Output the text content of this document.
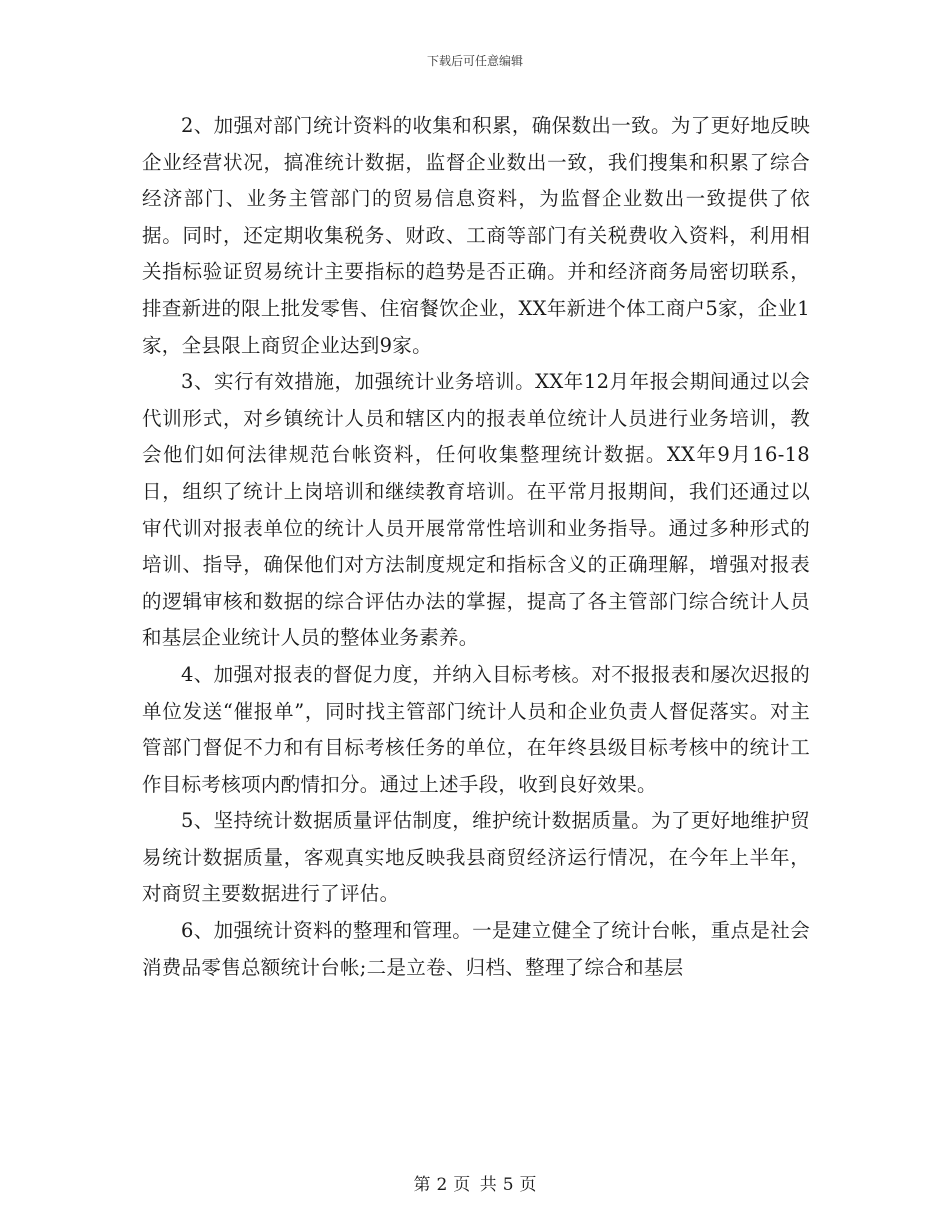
下载后可任意编辑

2、加强对部门统计资料的收集和积累，确保数出一致。为了更好地反映企业经营状况，搞准统计数据，监督企业数出一致，我们搜集和积累了综合经济部门、业务主管部门的贸易信息资料，为监督企业数出一致提供了依据。同时，还定期收集税务、财政、工商等部门有关税费收入资料，利用相关指标验证贸易统计主要指标的趋势是否正确。并和经济商务局密切联系，排查新进的限上批发零售、住宿餐饮企业，XX年新进个体工商户5家，企业1家，全县限上商贸企业达到9家。

3、实行有效措施，加强统计业务培训。XX年12月年报会期间通过以会代训形式，对乡镇统计人员和辖区内的报表单位统计人员进行业务培训，教会他们如何法律规范台帐资料，任何收集整理统计数据。XX年9月16-18日，组织了统计上岗培训和继续教育培训。在平常月报期间，我们还通过以审代训对报表单位的统计人员开展常常性培训和业务指导。通过多种形式的培训、指导，确保他们对方法制度规定和指标含义的正确理解，增强对报表的逻辑审核和数据的综合评估办法的掌握，提高了各主管部门综合统计人员和基层企业统计人员的整体业务素养。

4、加强对报表的督促力度，并纳入目标考核。对不报报表和屡次迟报的单位发送“催报单”，同时找主管部门统计人员和企业负责人督促落实。对主管部门督促不力和有目标考核任务的单位，在年终县级目标考核中的统计工作目标考核项内酌情扣分。通过上述手段，收到良好效果。

5、坚持统计数据质量评估制度，维护统计数据质量。为了更好地维护贸易统计数据质量，客观真实地反映我县商贸经济运行情况，在今年上半年，对商贸主要数据进行了评估。

6、加强统计资料的整理和管理。一是建立健全了统计台帐，重点是社会消费品零售总额统计台帐;二是立卷、归档、整理了综合和基层

第 2 页 共 5 页
